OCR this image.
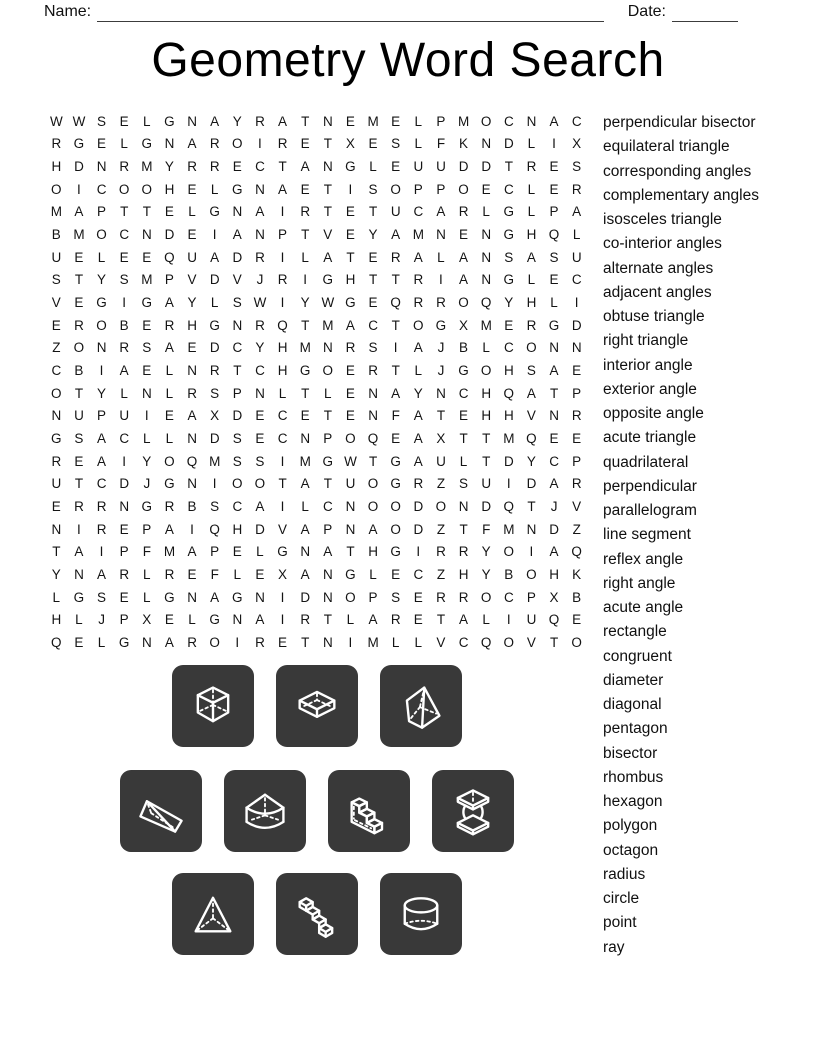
Name:	Date:
Geometry Word Search
W W S	E	L	G N A	Y R A	T	N E M E	L	P M O C N A C
R G E	L	G N A R O	I	R E	T	X	E	S	L	F	K N D	L	I	X
H D N R M Y R R E C	T	A N G	L	E U U D D	T	R E	S
O	I	C O O H E	L	G N A	E	T	I	S O P	P O E C	L	E R
M A	P	T	T	E	L	G N A	I	R	T	E	T	U C A R	L	G	L	P	A
B M O C N D E	I	A N P	T	V	E	Y	A M N E N G H Q	L
U E	L	E	E Q U A D R	I	L	A	T	E R A	L	A N S	A	S U
S	T	Y	S M P	V D V	J	R	I	G H	T	T	R	I	A N G	L	E C
V	E G	I	G A	Y	L	S W	I	Y W G E Q R R O Q Y H	L	I
E R O B	E R H G N R Q T M A C	T O G X M E R G D
Z O N R S	A	E D C Y H M N R S	I	A	J	B	L	C O N N
C B	I	A	E	L	N R	T	C H G O E R	T	L	J	G O H S	A	E
O T	Y	L	N	L	R S	P N	L	T	L	E N A	Y N C H Q A	T	P
N U P U	I	E	A	X D E C E	T	E N	F	A	T	E H H V N R
G S	A C	L	L	N D S	E C N P O Q E	A	X	T	T M Q E	E
R E	A	I	Y O Q M S	S	I	M G W T G A U	L	T	D Y C P
U	T	C D	J	G N	I	O O T	A	T	U O G R	Z	S U	I	D A R
E R R N G R B	S C A	I	L	C N O O D O N D Q T	J	V
N	I	R E	P	A	I	Q H D V	A	P N A O D	Z	T	F M N D	Z
T	A	I	P	F M A	P	E	L	G N A	T	H G	I	R R Y O	I	A Q
Y N A R	L	R E	F	L	E	X	A N G	L	E C	Z	H Y	B O H K
L	G S	E	L	G N A G N	I	D N O P	S	E R R O C P	X	B
H	L	J	P	X	E	L	G N A	I	R	T	L	A R E	T	A	L	I	U Q E
Q E	L	G N A R O	I	R E	T	N	I	M L	L	V C Q O V	T O
perpendicular bisector
equilateral triangle
corresponding angles
complementary angles
isosceles triangle
co-interior angles
alternate angles
adjacent angles
obtuse triangle
right triangle
interior angle
exterior angle
opposite angle
acute triangle
quadrilateral
perpendicular
parallelogram
line segment
reflex angle
right angle
acute angle
rectangle
congruent
diameter
diagonal
pentagon
bisector
rhombus
hexagon
polygon
octagon
radius
circle
point
ray
